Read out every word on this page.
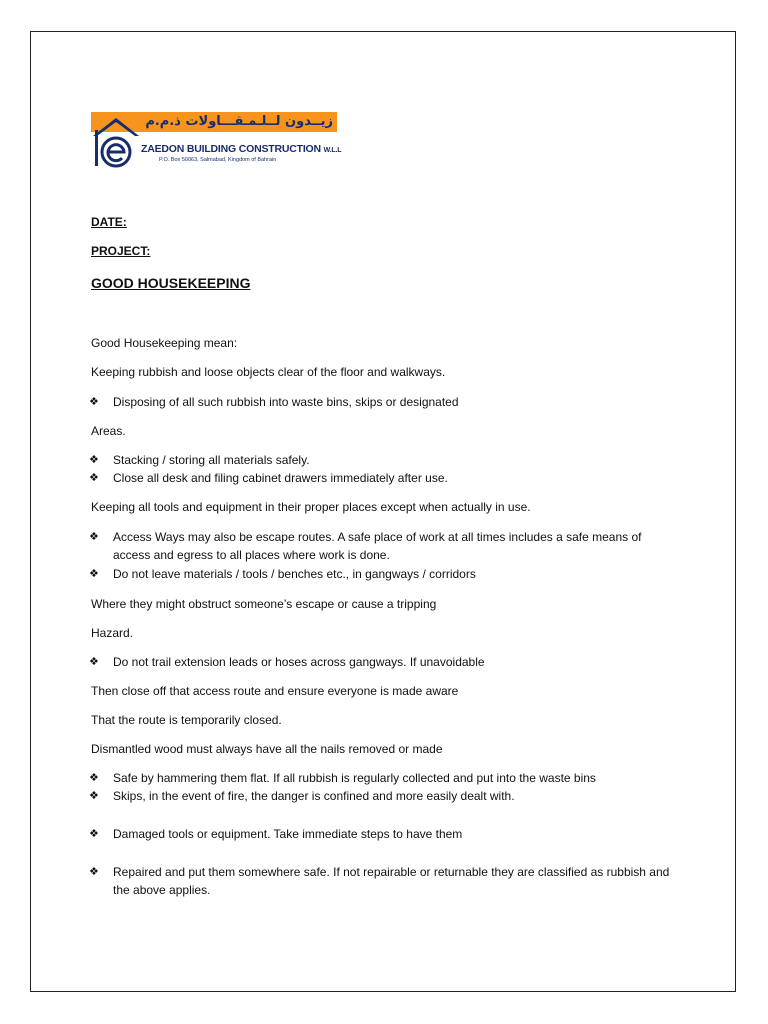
زيــدون لــلـمـقـــاولات ذ.م.م
ZAEDON BUILDING CONSTRUCTION W.L.L
P.O. Box 50063, Salmabad, Kingdom of Bahrain
DATE:
PROJECT:
GOOD HOUSEKEEPING
Good Housekeeping mean:
Keeping rubbish and loose objects clear of the floor and walkways.
❖	Disposing of all such rubbish into waste bins, skips or designated
Areas.
❖	Stacking / storing all materials safely.
❖	Close all desk and filing cabinet drawers immediately after use.
Keeping all tools and equipment in their proper places except when actually in use.
❖	Access Ways may also be escape routes. A safe place of work at all times includes a safe means of access and egress to all places where work is done.
❖	Do not leave materials / tools / benches etc., in gangways / corridors
Where they might obstruct someone’s escape or cause a tripping
Hazard.
❖	Do not trail extension leads or hoses across gangways. If unavoidable
Then close off that access route and ensure everyone is made aware
That the route is temporarily closed.
Dismantled wood must always have all the nails removed or made
❖	Safe by hammering them flat. If all rubbish is regularly collected and put into the waste bins
❖	Skips, in the event of fire, the danger is confined and more easily dealt with.
❖	Damaged tools or equipment. Take immediate steps to have them
❖	Repaired and put them somewhere safe. If not repairable or returnable they are classified as rubbish and the above applies.
